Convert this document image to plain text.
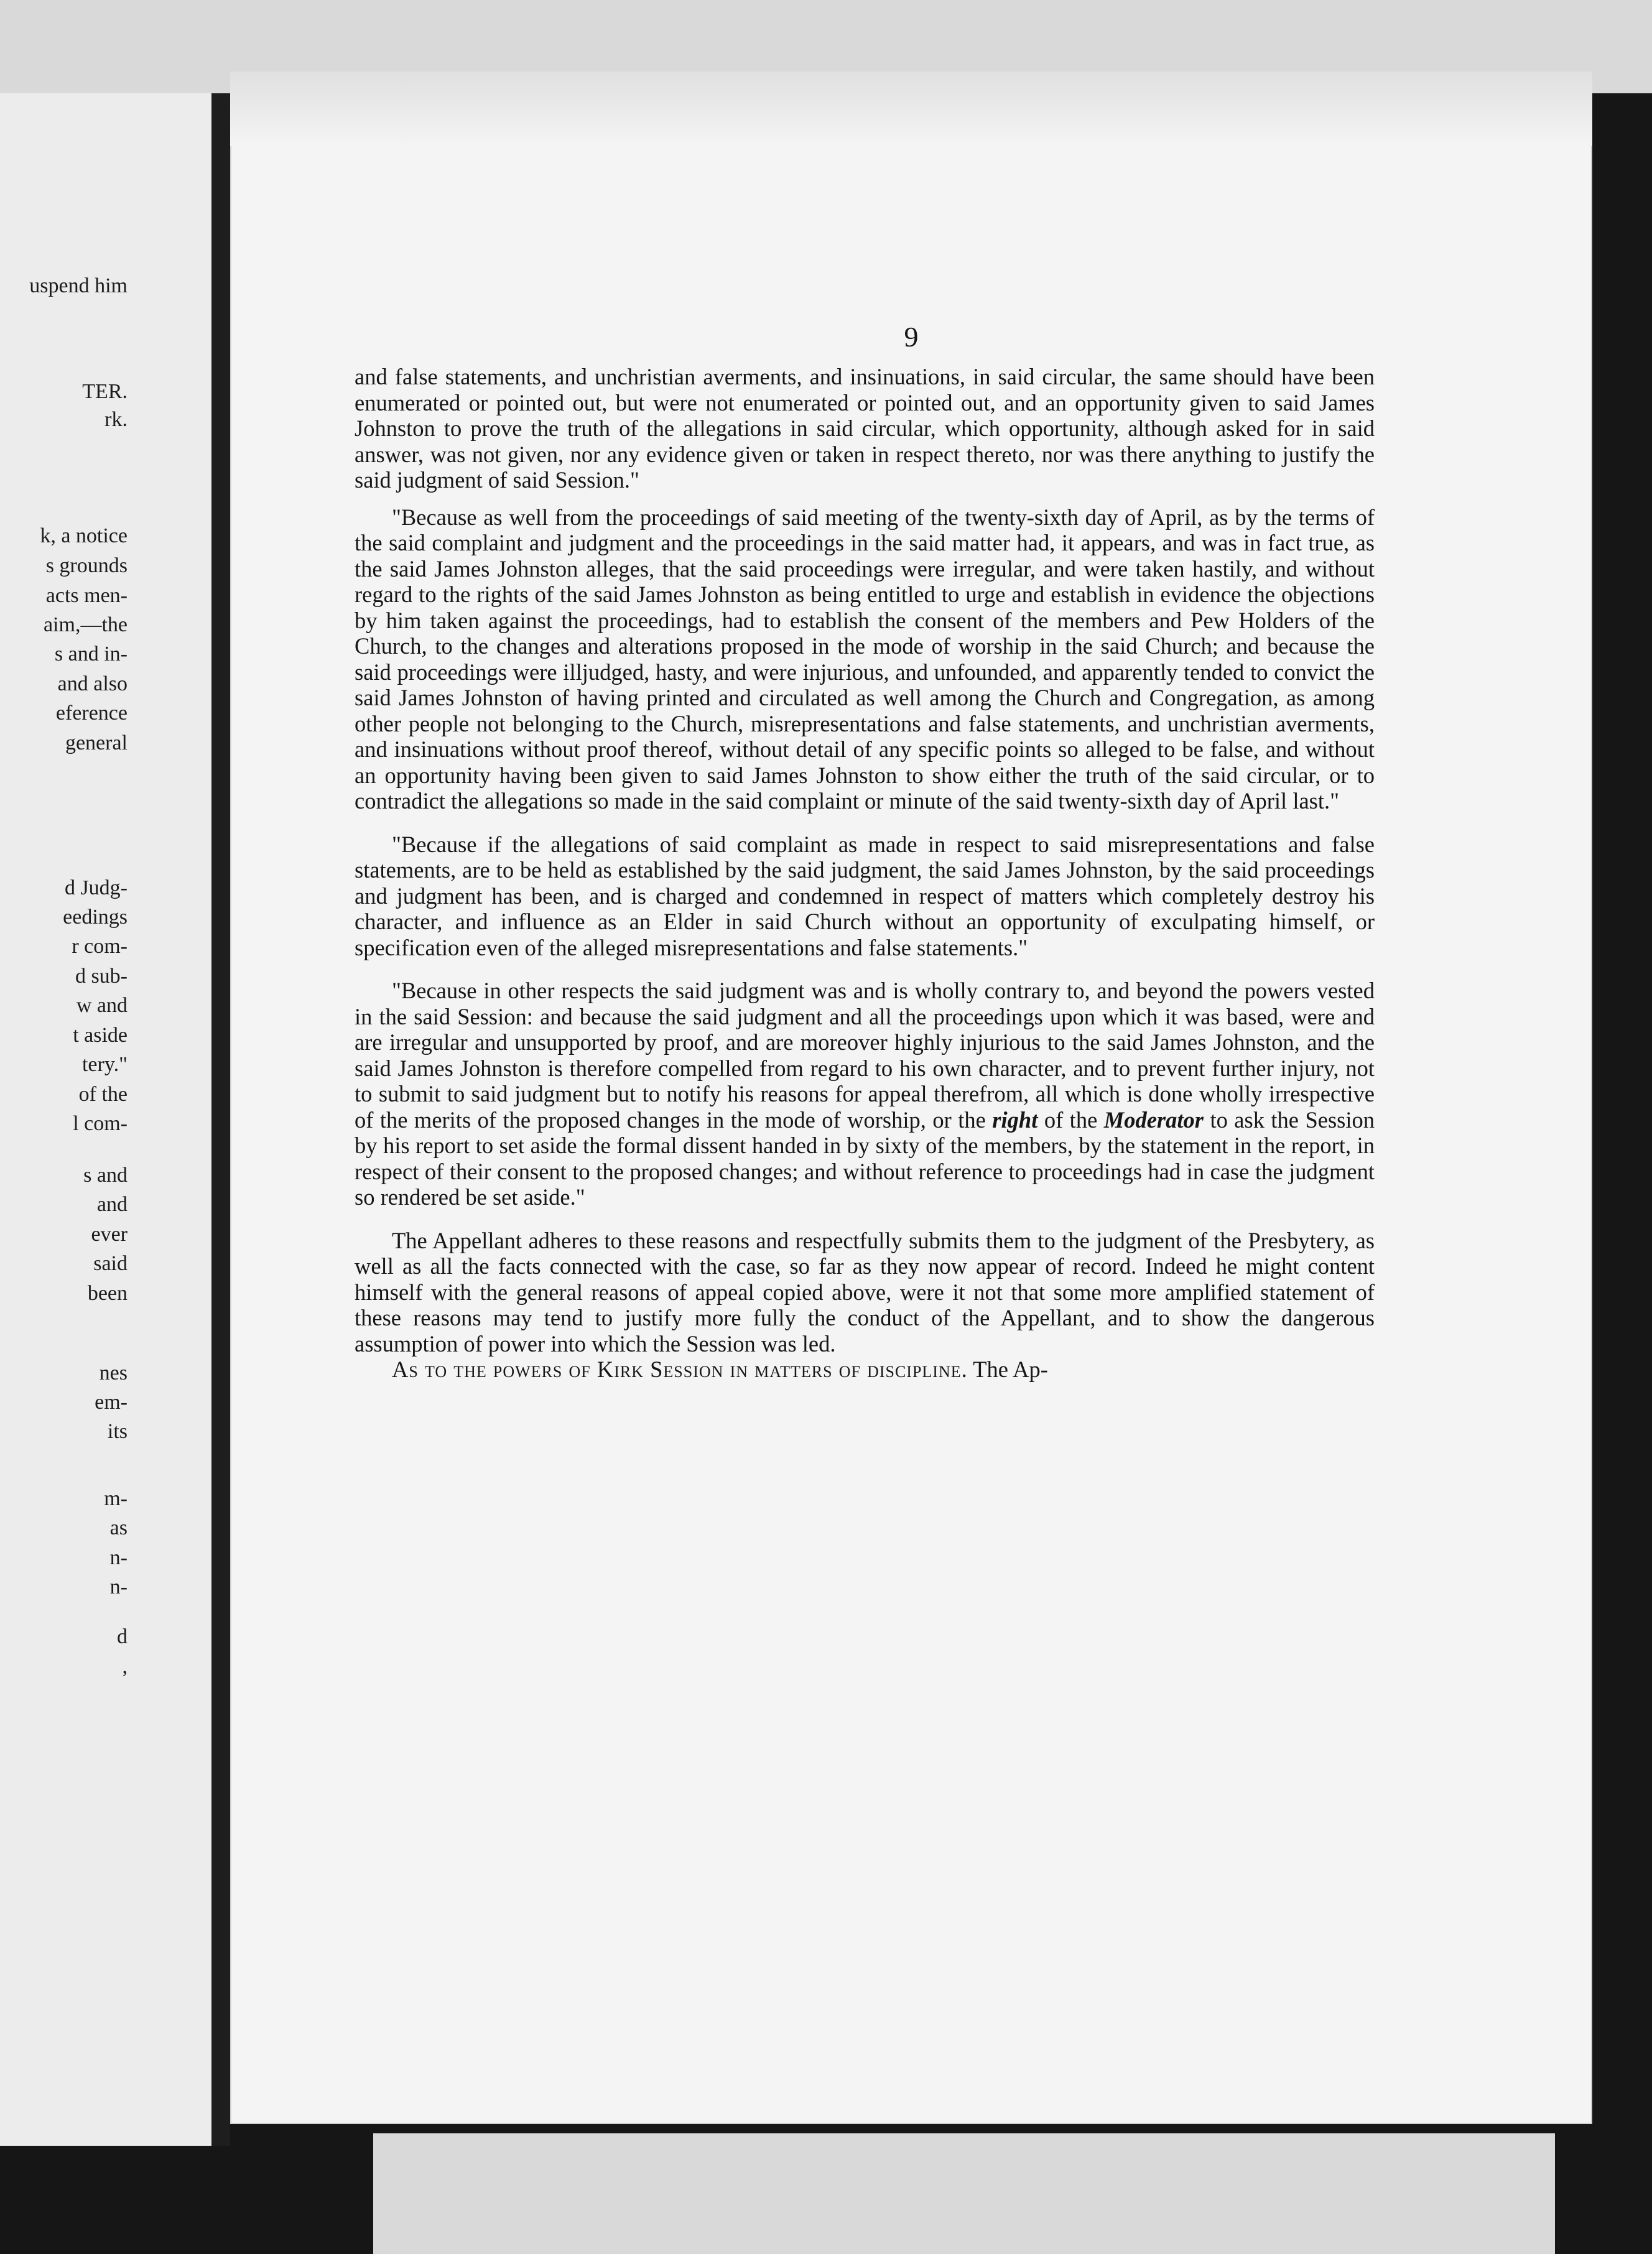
uspend him
TER.
rk.
k, a notice
s grounds
acts men-
aim,—the
s and in-
and also
eference
general
d Judg-
eedings
r com-
d sub-
w and
t aside
tery."
of the
l com-
s and
and
ever
said
been
nes
em-
its
m-
as
n-
n-
d
,
9

and false statements, and unchristian averments, and insinuations, in said circular, the same should have been enumerated or pointed out, but were not enumerated or pointed out, and an opportunity given to said James Johnston to prove the truth of the allegations in said circular, which opportunity, although asked for in said answer, was not given, nor any evidence given or taken in respect thereto, nor was there anything to justify the said judgment of said Session."

"Because as well from the proceedings of said meeting of the twenty-sixth day of April, as by the terms of the said complaint and judgment and the proceedings in the said matter had, it appears, and was in fact true, as the said James Johnston alleges, that the said proceedings were irregular, and were taken hastily, and without regard to the rights of the said James Johnston as being entitled to urge and establish in evidence the objections by him taken against the proceedings, had to establish the consent of the members and Pew Holders of the Church, to the changes and alterations proposed in the mode of worship in the said Church; and because the said proceedings were illjudged, hasty, and were injurious, and unfounded, and apparently tended to convict the said James Johnston of having printed and circulated as well among the Church and Congregation, as among other people not belonging to the Church, misrepresentations and false statements, and unchristian averments, and insinuations without proof thereof, without detail of any specific points so alleged to be false, and without an opportunity having been given to said James Johnston to show either the truth of the said circular, or to contradict the allegations so made in the said complaint or minute of the said twenty-sixth day of April last."

"Because if the allegations of said complaint as made in respect to said misrepresentations and false statements, are to be held as established by the said judgment, the said James Johnston, by the said proceedings and judgment has been, and is charged and condemned in respect of matters which completely destroy his character, and influence as an Elder in said Church without an opportunity of exculpating himself, or specification even of the alleged misrepresentations and false statements."

"Because in other respects the said judgment was and is wholly contrary to, and beyond the powers vested in the said Session: and because the said judgment and all the proceedings upon which it was based, were and are irregular and unsupported by proof, and are moreover highly injurious to the said James Johnston, and the said James Johnston is therefore compelled from regard to his own character, and to prevent further injury, not to submit to said judgment but to notify his reasons for appeal therefrom, all which is done wholly irrespective of the merits of the proposed changes in the mode of worship, or the right of the Moderator to ask the Session by his report to set aside the formal dissent handed in by sixty of the members, by the statement in the report, in respect of their consent to the proposed changes; and without reference to proceedings had in case the judgment so rendered be set aside."

The Appellant adheres to these reasons and respectfully submits them to the judgment of the Presbytery, as well as all the facts connected with the case, so far as they now appear of record. Indeed he might content himself with the general reasons of appeal copied above, were it not that some more amplified statement of these reasons may tend to justify more fully the conduct of the Appellant, and to show the dangerous assumption of power into which the Session was led.

As to the powers of Kirk Session in matters of discipline. The Ap-
